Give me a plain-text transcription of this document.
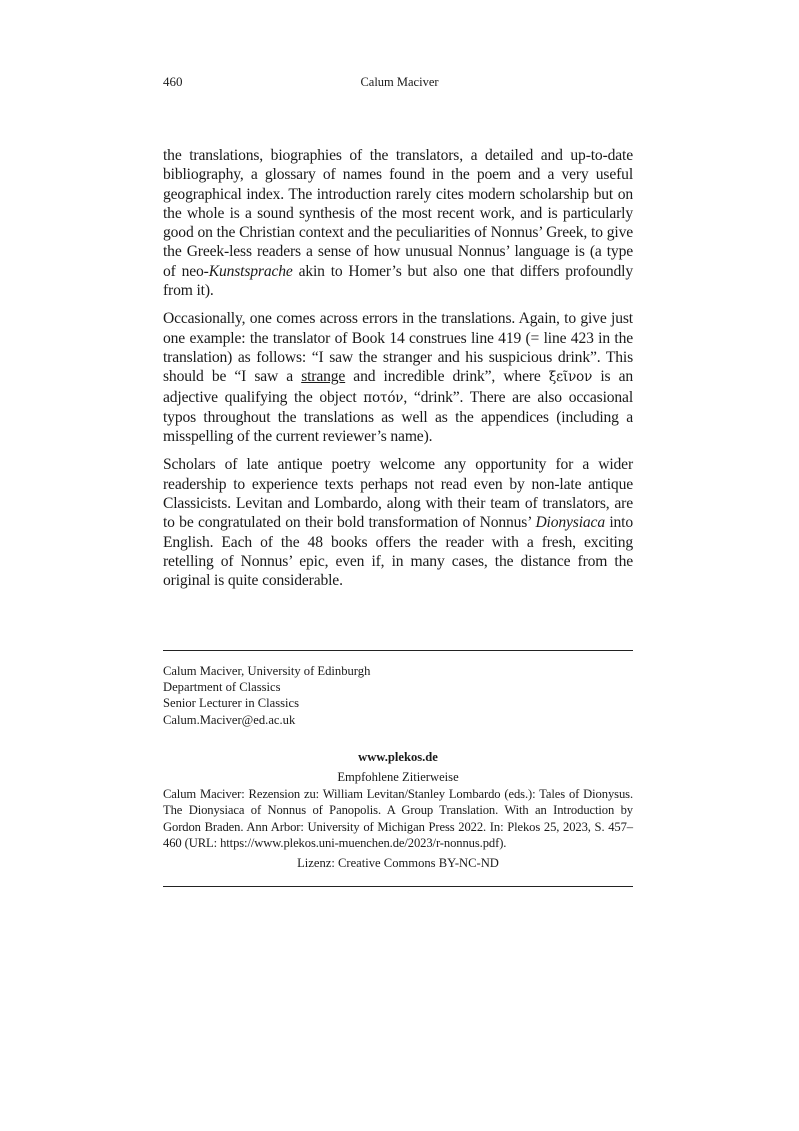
460	Calum Maciver

the translations, biographies of the translators, a detailed and up-to-date bibliography, a glossary of names found in the poem and a very useful geographical index. The introduction rarely cites modern scholarship but on the whole is a sound synthesis of the most recent work, and is particularly good on the Christian context and the peculiarities of Nonnus’ Greek, to give the Greek-less readers a sense of how unusual Nonnus’ language is (a type of neo-Kunstsprache akin to Homer’s but also one that differs profoundly from it).

Occasionally, one comes across errors in the translations. Again, to give just one example: the translator of Book 14 construes line 419 (= line 423 in the translation) as follows: “I saw the stranger and his suspicious drink”. This should be “I saw a strange and incredible drink”, where ξεῖνον is an adjective qualifying the object ποτόν, “drink”. There are also occasional typos throughout the translations as well as the appendices (including a misspelling of the current reviewer’s name).

Scholars of late antique poetry welcome any opportunity for a wider readership to experience texts perhaps not read even by non-late antique Classicists. Levitan and Lombardo, along with their team of translators, are to be congratulated on their bold transformation of Nonnus’ Dionysiaca into English. Each of the 48 books offers the reader with a fresh, exciting retelling of Nonnus’ epic, even if, in many cases, the distance from the original is quite considerable.

Calum Maciver, University of Edinburgh
Department of Classics
Senior Lecturer in Classics
Calum.Maciver@ed.ac.uk
www.plekos.de
Empfohlene Zitierweise
Calum Maciver: Rezension zu: William Levitan/Stanley Lombardo (eds.): Tales of Dionysus. The Dionysiaca of Nonnus of Panopolis. A Group Translation. With an Introduction by Gordon Braden. Ann Arbor: University of Michigan Press 2022. In: Plekos 25, 2023, S. 457–460 (URL: https://www.plekos.uni-muenchen.de/2023/r-nonnus.pdf).
Lizenz: Creative Commons BY-NC-ND
